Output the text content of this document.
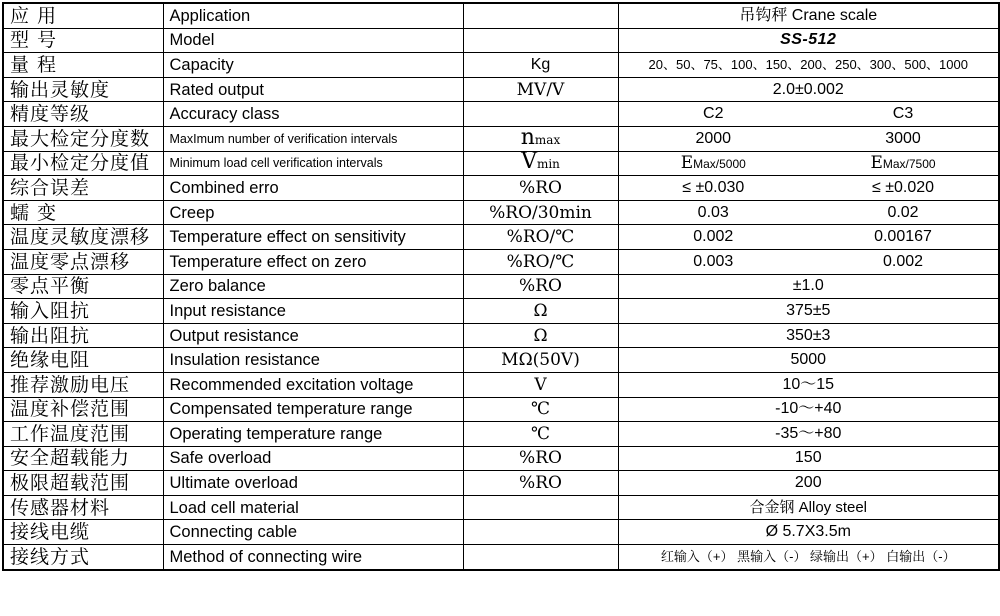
应 用	Application		吊钩秤 Crane scale	
型 号	Model		SS-512	
量 程	Capacity	Kg	20、50、75、100、150、200、250、300、500、1000	
输出灵敏度	Rated output	MV/V	2.0±0.002	
精度等级	Accuracy class		C2	C3
最大检定分度数	MaxImum number of verification intervals	nmax	2000	3000
最小检定分度值	Minimum load cell verification intervals	Vmin	EMax/5000	EMax/7500
综合误差	Combined erro	%RO	≤ ±0.030	≤ ±0.020
蠕 变	Creep	%RO/30min	0.03	0.02
温度灵敏度漂移	Temperature effect on sensitivity	%RO/℃	0.002	0.00167
温度零点漂移	Temperature effect on zero	%RO/℃	0.003	0.002
零点平衡	Zero balance	%RO	±1.0	
输入阻抗	Input resistance	Ω	375±5	
输出阻抗	Output resistance	Ω	350±3	
绝缘电阻	Insulation resistance	MΩ(50V)	5000	
推荐激励电压	Recommended excitation voltage	V	10～15	
温度补偿范围	Compensated temperature range	℃	-10～+40	
工作温度范围	Operating temperature range	℃	-35～+80	
安全超载能力	Safe overload	%RO	150	
极限超载范围	Ultimate overload	%RO	200	
传感器材料	Load cell material		合金钢 Alloy steel	
接线电缆	Connecting cable		Ø 5.7X3.5m	
接线方式	Method of connecting wire		红输入（+） 黑输入（-） 绿输出（+） 白输出（-）	
